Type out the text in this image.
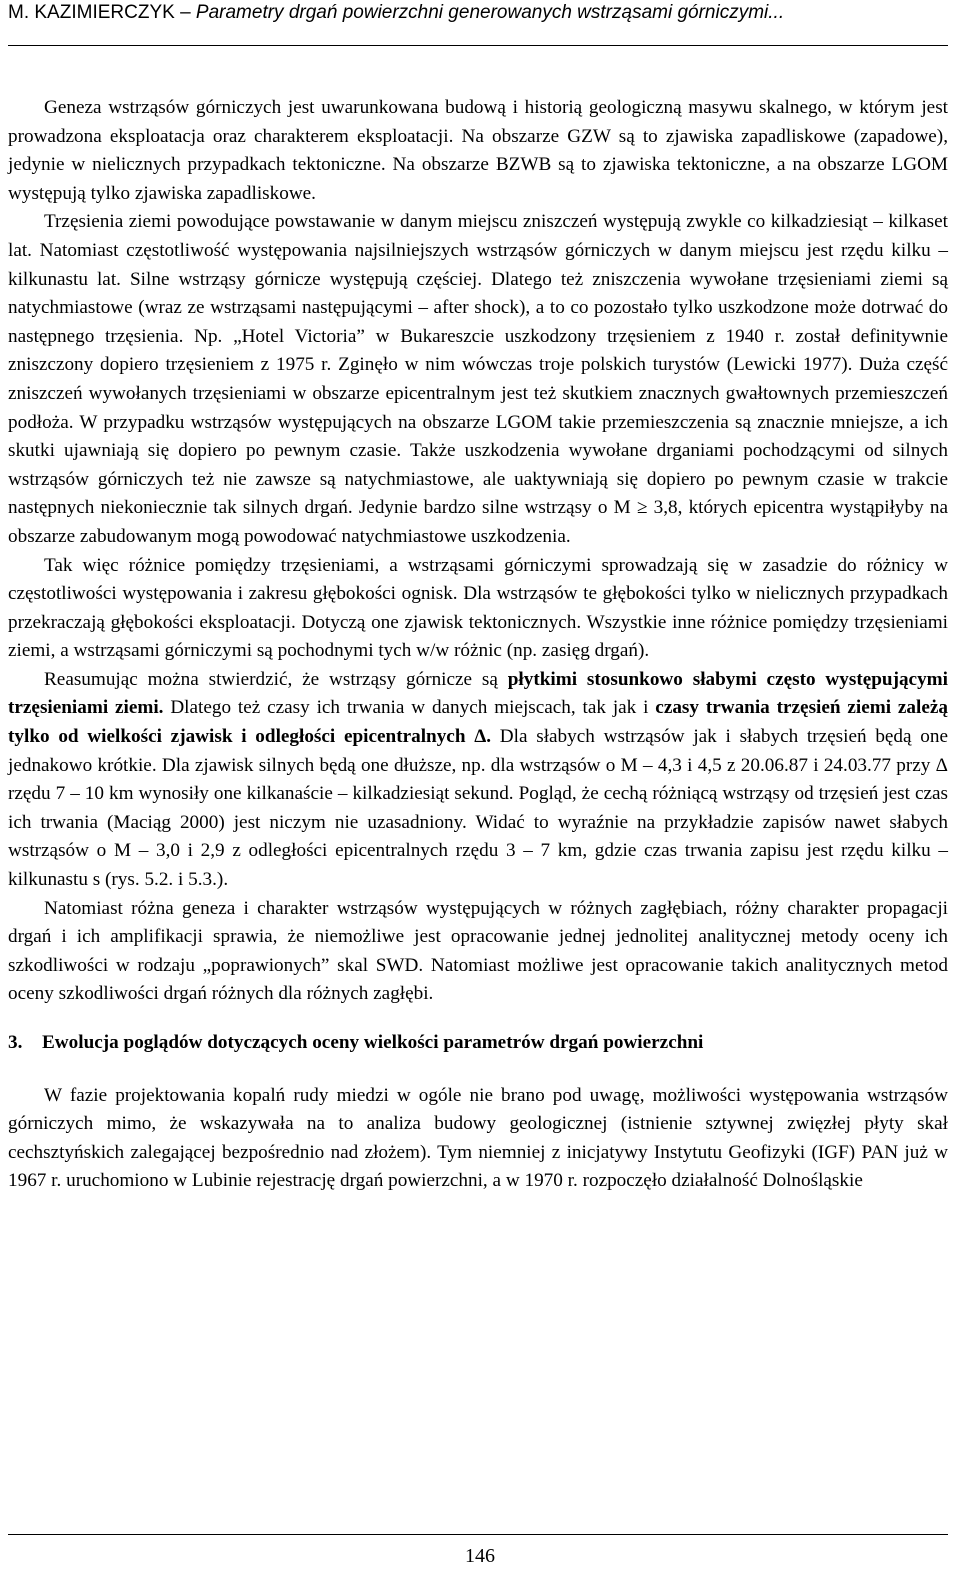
M. KAZIMIERCZYK – Parametry drgań powierzchni generowanych wstrząsami górniczymi...

Geneza wstrząsów górniczych jest uwarunkowana budową i historią geologiczną masywu skalnego, w którym jest prowadzona eksploatacja oraz charakterem eksploatacji. Na obszarze GZW są to zjawiska zapadliskowe (zapadowe), jedynie w nielicznych przypadkach tektoniczne. Na obszarze BZWB są to zjawiska tektoniczne, a na obszarze LGOM występują tylko zjawiska zapadliskowe.

Trzęsienia ziemi powodujące powstawanie w danym miejscu zniszczeń występują zwykle co kilkadziesiąt – kilkaset lat. Natomiast częstotliwość występowania najsilniejszych wstrząsów górniczych w danym miejscu jest rzędu kilku – kilkunastu lat. Silne wstrząsy górnicze występują częściej. Dlatego też zniszczenia wywołane trzęsieniami ziemi są natychmiastowe (wraz ze wstrząsami następującymi – after shock), a to co pozostało tylko uszkodzone może dotrwać do następnego trzęsienia. Np. „Hotel Victoria” w Bukareszcie uszkodzony trzęsieniem z 1940 r. został definitywnie zniszczony dopiero trzęsieniem z 1975 r. Zginęło w nim wówczas troje polskich turystów (Lewicki 1977). Duża część zniszczeń wywołanych trzęsieniami w obszarze epicentralnym jest też skutkiem znacznych gwałtownych przemieszczeń podłoża. W przypadku wstrząsów występujących na obszarze LGOM takie przemieszczenia są znacznie mniejsze, a ich skutki ujawniają się dopiero po pewnym czasie. Także uszkodzenia wywołane drganiami pochodzącymi od silnych wstrząsów górniczych też nie zawsze są natychmiastowe, ale uaktywniają się dopiero po pewnym czasie w trakcie następnych niekoniecznie tak silnych drgań. Jedynie bardzo silne wstrząsy o M ≥ 3,8, których epicentra wystąpiłyby na obszarze zabudowanym mogą powodować natychmiastowe uszkodzenia.

Tak więc różnice pomiędzy trzęsieniami, a wstrząsami górniczymi sprowadzają się w zasadzie do różnicy w częstotliwości występowania i zakresu głębokości ognisk. Dla wstrząsów te głębokości tylko w nielicznych przypadkach przekraczają głębokości eksploatacji. Dotyczą one zjawisk tektonicznych. Wszystkie inne różnice pomiędzy trzęsieniami ziemi, a wstrząsami górniczymi są pochodnymi tych w/w różnic (np. zasięg drgań).

Reasumując można stwierdzić, że wstrząsy górnicze są płytkimi stosunkowo słabymi często występującymi trzęsieniami ziemi. Dlatego też czasy ich trwania w danych miejscach, tak jak i czasy trwania trzęsień ziemi zależą tylko od wielkości zjawisk i odległości epicentralnych Δ. Dla słabych wstrząsów jak i słabych trzęsień będą one jednakowo krótkie. Dla zjawisk silnych będą one dłuższe, np. dla wstrząsów o M – 4,3 i 4,5 z 20.06.87 i 24.03.77 przy Δ rzędu 7 – 10 km wynosiły one kilkanaście – kilkadziesiąt sekund. Pogląd, że cechą różniącą wstrząsy od trzęsień jest czas ich trwania (Maciąg 2000) jest niczym nie uzasadniony. Widać to wyraźnie na przykładzie zapisów nawet słabych wstrząsów o M – 3,0 i 2,9 z odległości epicentralnych rzędu 3 – 7 km, gdzie czas trwania zapisu jest rzędu kilku – kilkunastu s (rys. 5.2. i 5.3.).

Natomiast różna geneza i charakter wstrząsów występujących w różnych zagłębiach, różny charakter propagacji drgań i ich amplifikacji sprawia, że niemożliwe jest opracowanie jednej jednolitej analitycznej metody oceny ich szkodliwości w rodzaju „poprawionych” skal SWD. Natomiast możliwe jest opracowanie takich analitycznych metod oceny szkodliwości drgań różnych dla różnych zagłębi.

3. Ewolucja poglądów dotyczących oceny wielkości parametrów drgań powierzchni

W fazie projektowania kopalń rudy miedzi w ogóle nie brano pod uwagę, możliwości występowania wstrząsów górniczych mimo, że wskazywała na to analiza budowy geologicznej (istnienie sztywnej zwięzłej płyty skał cechsztyńskich zalegającej bezpośrednio nad złożem). Tym niemniej z inicjatywy Instytutu Geofizyki (IGF) PAN już w 1967 r. uruchomiono w Lubinie rejestrację drgań powierzchni, a w 1970 r. rozpoczęło działalność Dolnośląskie

146
